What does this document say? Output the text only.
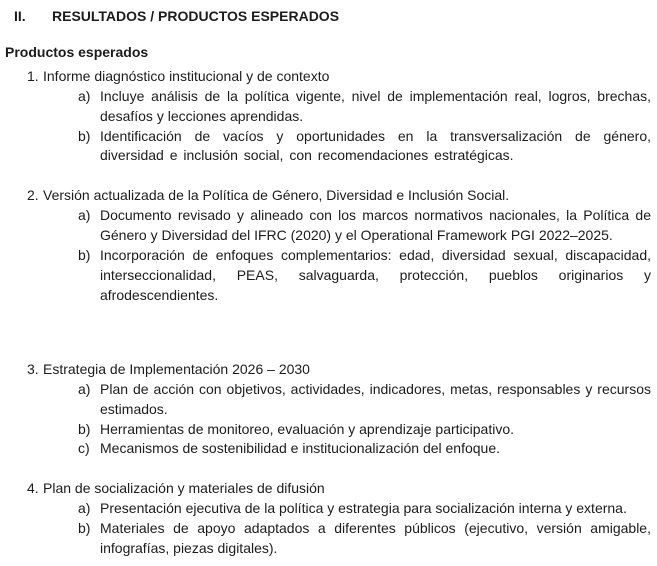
II. RESULTADOS / PRODUCTOS ESPERADOS
Productos esperados
1. Informe diagnóstico institucional y de contexto
a) Incluye análisis de la política vigente, nivel de implementación real, logros, brechas, desafíos y lecciones aprendidas.
b) Identificación de vacíos y oportunidades en la transversalización de género, diversidad e inclusión social, con recomendaciones estratégicas.
2. Versión actualizada de la Política de Género, Diversidad e Inclusión Social.
a) Documento revisado y alineado con los marcos normativos nacionales, la Política de Género y Diversidad del IFRC (2020) y el Operational Framework PGI 2022–2025.
b) Incorporación de enfoques complementarios: edad, diversidad sexual, discapacidad, interseccionalidad, PEAS, salvaguarda, protección, pueblos originarios y afrodescendientes.
3. Estrategia de Implementación 2026 – 2030
a) Plan de acción con objetivos, actividades, indicadores, metas, responsables y recursos estimados.
b) Herramientas de monitoreo, evaluación y aprendizaje participativo.
c) Mecanismos de sostenibilidad e institucionalización del enfoque.
4. Plan de socialización y materiales de difusión
a) Presentación ejecutiva de la política y estrategia para socialización interna y externa.
b) Materiales de apoyo adaptados a diferentes públicos (ejecutivo, versión amigable, infografías, piezas digitales).
